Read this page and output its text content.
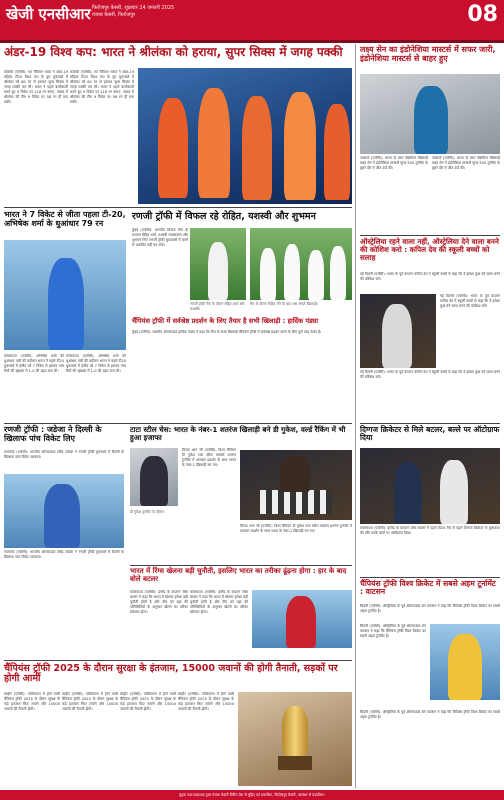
खेजी एनसीआर फिरोजपुर केसरी, शुक्रवार 24 जनवरी 2025
पंजाब केसरी, फिरोजपुर	08
अंडर-19 विश्व कप: भारत ने श्रीलंका को हराया, सुपर सिक्स में जगह पक्की
कोलंबो (एजेंसी): गत चैंपियन भारत ने अंडर-19 महिला टी20 विश्व कप के ग्रुप मुकाबले में श्रीलंका को 60 रन से हराकर सुपर सिक्स में जगह पक्की कर ली। भारत ने पहले बल्लेबाजी करते हुए 9 विकेट पर 118 रन बनाए, जवाब में श्रीलंका की टीम 9 विकेट पर 58 रन ही बना सकी।
कोलंबो (एजेंसी): गत चैंपियन भारत ने अंडर-19 महिला टी20 विश्व कप के ग्रुप मुकाबले में श्रीलंका को 60 रन से हराकर सुपर सिक्स में जगह पक्की कर ली। भारत ने पहले बल्लेबाजी करते हुए 9 विकेट पर 118 रन बनाए, जवाब में श्रीलंका की टीम 9 विकेट पर 58 रन ही बना सकी।
भारत ने 7 विकेट से जीता पहला टी-20, अभिषेक शर्मा के धुआंधार 79 रन
कोलकाता (एजेंसी): अभिषेक शर्मा की धुआंधार पारी की बदौलत भारत ने पहले टी20 मुकाबले में इंग्लैंड को 7 विकेट से हराकर पांच मैचों की श्रृंखला में 1-0 की बढ़त बना ली।
कोलकाता (एजेंसी): अभिषेक शर्मा की धुआंधार पारी की बदौलत भारत ने पहले टी20 मुकाबले में इंग्लैंड को 7 विकेट से हराकर पांच मैचों की श्रृंखला में 1-0 की बढ़त बना ली।
रणजी ट्रॉफी में विफल रहे रोहित, यशस्वी और शुभमन
मुंबई (एजेंसी): भारतीय क्रिकेट टीम के कप्तान रोहित शर्मा, यशस्वी जायसवाल और शुभमन गिल रणजी ट्रॉफी मुकाबलों में बल्ले से प्रभावित नहीं कर सके।
रणजी ट्रॉफी मैच के दौरान रोहित शर्मा और यशस्वी।
मैच के दौरान विकेट लेने के बाद जश्न मनाते खिलाड़ी।
चैंपियंस ट्रॉफी में सर्वश्रेष्ठ प्रदर्शन के लिए तैयार है सभी खिलाड़ी : हार्दिक पंड्या
मुंबई (एजेंसी): भारतीय ऑलराउंडर हार्दिक पंड्या ने कहा कि टीम के सभी खिलाड़ी चैंपियंस ट्रॉफी में सर्वश्रेष्ठ प्रदर्शन करने के लिए पूरी तरह तैयार हैं।
रणजी ट्रॉफी : जडेजा ने दिल्ली के खिलाफ पांच विकेट लिए
राजकोट (एजेंसी): भारतीय ऑलराउंडर रवींद्र जडेजा ने रणजी ट्रॉफी मुकाबले में दिल्ली के खिलाफ पांच विकेट चटकाए।
राजकोट (एजेंसी): भारतीय ऑलराउंडर रवींद्र जडेजा ने रणजी ट्रॉफी मुकाबले में दिल्ली के खिलाफ पांच विकेट चटकाए।
टाटा स्टील चेस: भारत के नंबर-1 शतरंज खिलाड़ी बने डी गुकेश, वर्ल्ड रैंकिंग में भी हुआ इजाफा
विज्क आन जी (एजेंसी): विश्व चैंपियन डी गुकेश टाटा स्टील मास्टर्स शतरंज टूर्नामेंट में शानदार प्रदर्शन के साथ भारत के नंबर-1 खिलाड़ी बन गए।
डी गुकेश टूर्नामेंट के दौरान।
विज्क आन जी (एजेंसी): विश्व चैंपियन डी गुकेश टाटा स्टील मास्टर्स शतरंज टूर्नामेंट में शानदार प्रदर्शन के साथ भारत के नंबर-1 खिलाड़ी बन गए।
भारत में रिंग्स खेलना बड़ी चुनौती, इसलिए भारत का तरीका ढूंढ़ना होगा : हार के बाद बोले बटलर
कोलकाता (एजेंसी): इंग्लैंड के कप्तान जोस बटलर ने कहा कि भारत में खेलना हमेशा बड़ी चुनौती होती है और टीम को यहां की परिस्थितियों के अनुसार खेलने का तरीका खोजना होगा।
कोलकाता (एजेंसी): इंग्लैंड के कप्तान जोस बटलर ने कहा कि भारत में खेलना हमेशा बड़ी चुनौती होती है और टीम को यहां की परिस्थितियों के अनुसार खेलने का तरीका खोजना होगा।
चैंपियंस ट्रॉफी 2025 के दौरान सुरक्षा के इंतजाम, 15000 जवानों की होगी तैनाती, सड़कों पर होगी आर्मी
लाहौर (एजेंसी): पाकिस्तान में होने वाली चैंपियंस ट्रॉफी 2025 के दौरान सुरक्षा के कड़े इंतजाम किए जाएंगे और 15000 जवानों की तैनाती होगी।
लाहौर (एजेंसी): पाकिस्तान में होने वाली चैंपियंस ट्रॉफी 2025 के दौरान सुरक्षा के कड़े इंतजाम किए जाएंगे और 15000 जवानों की तैनाती होगी।
लाहौर (एजेंसी): पाकिस्तान में होने वाली चैंपियंस ट्रॉफी 2025 के दौरान सुरक्षा के कड़े इंतजाम किए जाएंगे और 15000 जवानों की तैनाती होगी।
लाहौर (एजेंसी): पाकिस्तान में होने वाली चैंपियंस ट्रॉफी 2025 के दौरान सुरक्षा के कड़े इंतजाम किए जाएंगे और 15000 जवानों की तैनाती होगी।
लक्ष्य सेन का इंडोनेशिया मास्टर्स में सफर जारी, इंडोनेशिया मास्टर्स से बाहर हुए
जकार्ता (एजेंसी): भारत के स्टार बैडमिंटन खिलाड़ी लक्ष्य सेन ने इंडोनेशिया मास्टर्स सुपर 500 टूर्नामेंट के दूसरे दौर में जीत दर्ज की।
जकार्ता (एजेंसी): भारत के स्टार बैडमिंटन खिलाड़ी लक्ष्य सेन ने इंडोनेशिया मास्टर्स सुपर 500 टूर्नामेंट के दूसरे दौर में जीत दर्ज की।
ऑस्ट्रेलिया रहने वाला नहीं, ऑस्ट्रेलिया देने वाला बनने की कोशिश करो : कपिल देव की स्कूली बच्चों को सलाह
नई दिल्ली (एजेंसी): भारत के पूर्व कप्तान कपिल देव ने स्कूली बच्चों से कहा कि वे हमेशा कुछ देने वाला बनने की कोशिश करें।
नई दिल्ली (एजेंसी): भारत के पूर्व कप्तान कपिल देव ने स्कूली बच्चों से कहा कि वे हमेशा कुछ देने वाला बनने की कोशिश करें।
नई दिल्ली (एजेंसी): भारत के पूर्व कप्तान कपिल देव ने स्कूली बच्चों से कहा कि वे हमेशा कुछ देने वाला बनने की कोशिश करें।
दिग्गज क्रिकेटर से मिले बटलर, बल्ले पर ऑटोग्राफ दिया
कोलकाता (एजेंसी): इंग्लैंड के कप्तान जोस बटलर ने पहले टी20 मैच से पहले दिग्गज क्रिकेटर से मुलाकात की और उनके बल्ले पर ऑटोग्राफ दिया।
चैंपियंस ट्रॉफी विश्व क्रिकेट में सबसे अहम टूर्नामेंट : वाटसन
सिडनी (एजेंसी): ऑस्ट्रेलिया के पूर्व ऑलराउंडर शेन वाटसन ने कहा कि चैंपियंस ट्रॉफी विश्व क्रिकेट का सबसे अहम टूर्नामेंट है।
सिडनी (एजेंसी): ऑस्ट्रेलिया के पूर्व ऑलराउंडर शेन वाटसन ने कहा कि चैंपियंस ट्रॉफी विश्व क्रिकेट का सबसे अहम टूर्नामेंट है।
सिडनी (एजेंसी): ऑस्ट्रेलिया के पूर्व ऑलराउंडर शेन वाटसन ने कहा कि चैंपियंस ट्रॉफी विश्व क्रिकेट का सबसे अहम टूर्नामेंट है।
मुद्रक तथा प्रकाशक द्वारा पंजाब केसरी प्रिंटिंग प्रेस से मुद्रित एवं प्रकाशित, फिरोजपुर केसरी, जालंधर से प्रकाशित।
